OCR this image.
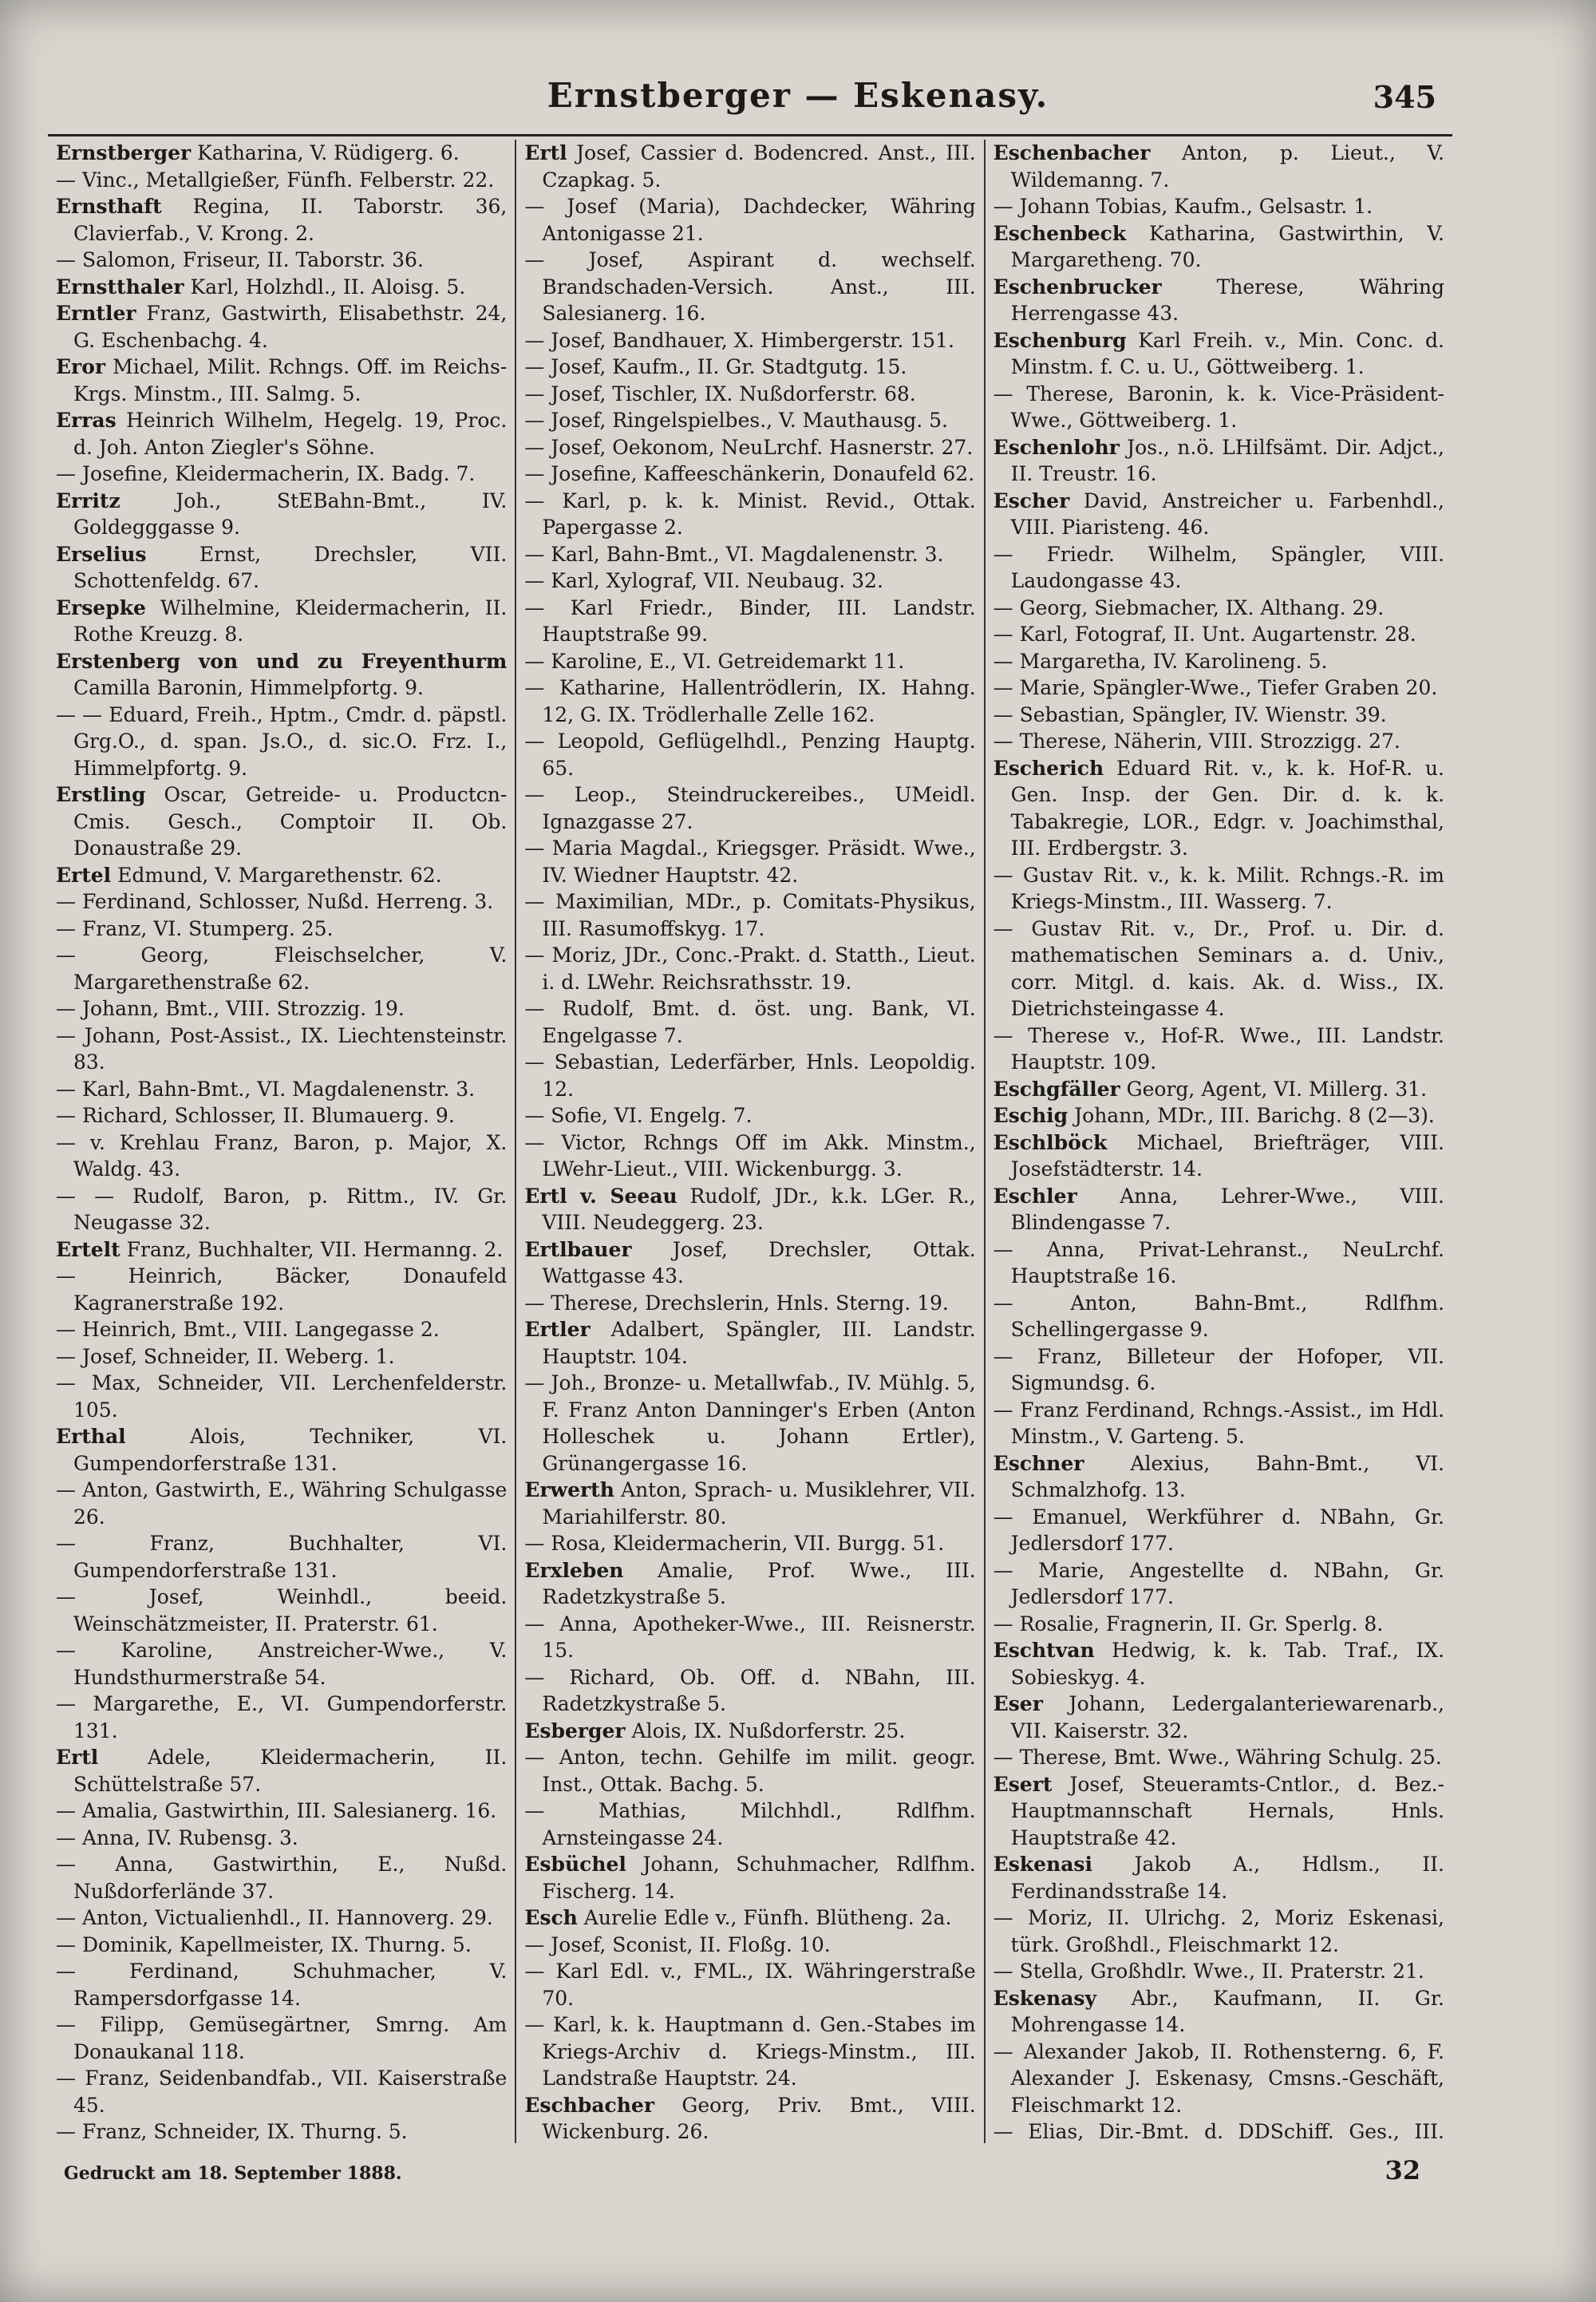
Ernstberger — Eskenasy.	345
Ernstberger Katharina, V. Rüdigerg. 6.
— Vinc., Metallgießer, Fünfh. Felberstr. 22.
Ernsthaft Regina, II. Taborstr. 36, Clavierfab., V. Krong. 2.
— Salomon, Friseur, II. Taborstr. 36.
Ernstthaler Karl, Holzhdl., II. Aloisg. 5.
Erntler Franz, Gastwirth, Elisabethstr. 24, G. Eschenbachg. 4.
Eror Michael, Milit. Rchngs. Off. im Reichs-Krgs. Minstm., III. Salmg. 5.
Erras Heinrich Wilhelm, Hegelg. 19, Proc. d. Joh. Anton Ziegler's Söhne.
— Josefine, Kleidermacherin, IX. Badg. 7.
Erritz Joh., StEBahn-Bmt., IV. Goldegggasse 9.
Erselius Ernst, Drechsler, VII. Schottenfeldg. 67.
Ersepke Wilhelmine, Kleidermacherin, II. Rothe Kreuzg. 8.
Erstenberg von und zu Freyenthurm Camilla Baronin, Himmelpfortg. 9.
— — Eduard, Freih., Hptm., Cmdr. d. päpstl. Grg.O., d. span. Js.O., d. sic.O. Frz. I., Himmelpfortg. 9.
Erstling Oscar, Getreide- u. Productcn-Cmis. Gesch., Comptoir II. Ob. Donaustraße 29.
Ertel Edmund, V. Margarethenstr. 62.
— Ferdinand, Schlosser, Nußd. Herreng. 3.
— Franz, VI. Stumperg. 25.
— Georg, Fleischselcher, V. Margarethenstraße 62.
— Johann, Bmt., VIII. Strozzig. 19.
— Johann, Post-Assist., IX. Liechtensteinstr. 83.
— Karl, Bahn-Bmt., VI. Magdalenenstr. 3.
— Richard, Schlosser, II. Blumauerg. 9.
— v. Krehlau Franz, Baron, p. Major, X. Waldg. 43.
— — Rudolf, Baron, p. Rittm., IV. Gr. Neugasse 32.
Ertelt Franz, Buchhalter, VII. Hermanng. 2.
— Heinrich, Bäcker, Donaufeld Kagranerstraße 192.
— Heinrich, Bmt., VIII. Langegasse 2.
— Josef, Schneider, II. Weberg. 1.
— Max, Schneider, VII. Lerchenfelderstr. 105.
Erthal Alois, Techniker, VI. Gumpendorferstraße 131.
— Anton, Gastwirth, E., Währing Schulgasse 26.
— Franz, Buchhalter, VI. Gumpendorferstraße 131.
— Josef, Weinhdl., beeid. Weinschätzmeister, II. Praterstr. 61.
— Karoline, Anstreicher-Wwe., V. Hundsthurmerstraße 54.
— Margarethe, E., VI. Gumpendorferstr. 131.
Ertl Adele, Kleidermacherin, II. Schüttelstraße 57.
— Amalia, Gastwirthin, III. Salesianerg. 16.
— Anna, IV. Rubensg. 3.
— Anna, Gastwirthin, E., Nußd. Nußdorferlände 37.
— Anton, Victualienhdl., II. Hannoverg. 29.
— Dominik, Kapellmeister, IX. Thurng. 5.
— Ferdinand, Schuhmacher, V. Rampersdorfgasse 14.
— Filipp, Gemüsegärtner, Smrng. Am Donaukanal 118.
— Franz, Seidenbandfab., VII. Kaiserstraße 45.
— Franz, Schneider, IX. Thurng. 5.
Ertl Josef, Cassier d. Bodencred. Anst., III. Czapkag. 5.
— Josef (Maria), Dachdecker, Währing Antonigasse 21.
— Josef, Aspirant d. wechself. Brandschaden-Versich. Anst., III. Salesianerg. 16.
— Josef, Bandhauer, X. Himbergerstr. 151.
— Josef, Kaufm., II. Gr. Stadtgutg. 15.
— Josef, Tischler, IX. Nußdorferstr. 68.
— Josef, Ringelspielbes., V. Mauthausg. 5.
— Josef, Oekonom, NeuLrchf. Hasnerstr. 27.
— Josefine, Kaffeeschänkerin, Donaufeld 62.
— Karl, p. k. k. Minist. Revid., Ottak. Papergasse 2.
— Karl, Bahn-Bmt., VI. Magdalenenstr. 3.
— Karl, Xylograf, VII. Neubaug. 32.
— Karl Friedr., Binder, III. Landstr. Hauptstraße 99.
— Karoline, E., VI. Getreidemarkt 11.
— Katharine, Hallentrödlerin, IX. Hahng. 12, G. IX. Trödlerhalle Zelle 162.
— Leopold, Geflügelhdl., Penzing Hauptg. 65.
— Leop., Steindruckereibes., UMeidl. Ignazgasse 27.
— Maria Magdal., Kriegsger. Präsidt. Wwe., IV. Wiedner Hauptstr. 42.
— Maximilian, MDr., p. Comitats-Physikus, III. Rasumoffskyg. 17.
— Moriz, JDr., Conc.-Prakt. d. Statth., Lieut. i. d. LWehr. Reichsrathsstr. 19.
— Rudolf, Bmt. d. öst. ung. Bank, VI. Engelgasse 7.
— Sebastian, Lederfärber, Hnls. Leopoldig. 12.
— Sofie, VI. Engelg. 7.
— Victor, Rchngs Off im Akk. Minstm., LWehr-Lieut., VIII. Wickenburgg. 3.
Ertl v. Seeau Rudolf, JDr., k.k. LGer. R., VIII. Neudeggerg. 23.
Ertlbauer Josef, Drechsler, Ottak. Wattgasse 43.
— Therese, Drechslerin, Hnls. Sterng. 19.
Ertler Adalbert, Spängler, III. Landstr. Hauptstr. 104.
— Joh., Bronze- u. Metallwfab., IV. Mühlg. 5, F. Franz Anton Danninger's Erben (Anton Holleschek u. Johann Ertler), Grünangergasse 16.
Erwerth Anton, Sprach- u. Musiklehrer, VII. Mariahilferstr. 80.
— Rosa, Kleidermacherin, VII. Burgg. 51.
Erxleben Amalie, Prof. Wwe., III. Radetzkystraße 5.
— Anna, Apotheker-Wwe., III. Reisnerstr. 15.
— Richard, Ob. Off. d. NBahn, III. Radetzkystraße 5.
Esberger Alois, IX. Nußdorferstr. 25.
— Anton, techn. Gehilfe im milit. geogr. Inst., Ottak. Bachg. 5.
— Mathias, Milchhdl., Rdlfhm. Arnsteingasse 24.
Esbüchel Johann, Schuhmacher, Rdlfhm. Fischerg. 14.
Esch Aurelie Edle v., Fünfh. Blütheng. 2a.
— Josef, Sconist, II. Floßg. 10.
— Karl Edl. v., FML., IX. Währingerstraße 70.
— Karl, k. k. Hauptmann d. Gen.-Stabes im Kriegs-Archiv d. Kriegs-Minstm., III. Landstraße Hauptstr. 24.
Eschbacher Georg, Priv. Bmt., VIII. Wickenburg. 26.
Eschenbacher Anton, p. Lieut., V. Wildemanng. 7.
— Johann Tobias, Kaufm., Gelsastr. 1.
Eschenbeck Katharina, Gastwirthin, V. Margaretheng. 70.
Eschenbrucker Therese, Währing Herrengasse 43.
Eschenburg Karl Freih. v., Min. Conc. d. Minstm. f. C. u. U., Göttweiberg. 1.
— Therese, Baronin, k. k. Vice-Präsident-Wwe., Göttweiberg. 1.
Eschenlohr Jos., n.ö. LHilfsämt. Dir. Adjct., II. Treustr. 16.
Escher David, Anstreicher u. Farbenhdl., VIII. Piaristeng. 46.
— Friedr. Wilhelm, Spängler, VIII. Laudongasse 43.
— Georg, Siebmacher, IX. Althang. 29.
— Karl, Fotograf, II. Unt. Augartenstr. 28.
— Margaretha, IV. Karolineng. 5.
— Marie, Spängler-Wwe., Tiefer Graben 20.
— Sebastian, Spängler, IV. Wienstr. 39.
— Therese, Näherin, VIII. Strozzigg. 27.
Escherich Eduard Rit. v., k. k. Hof-R. u. Gen. Insp. der Gen. Dir. d. k. k. Tabakregie, LOR., Edgr. v. Joachimsthal, III. Erdbergstr. 3.
— Gustav Rit. v., k. k. Milit. Rchngs.-R. im Kriegs-Minstm., III. Wasserg. 7.
— Gustav Rit. v., Dr., Prof. u. Dir. d. mathematischen Seminars a. d. Univ., corr. Mitgl. d. kais. Ak. d. Wiss., IX. Dietrichsteingasse 4.
— Therese v., Hof-R. Wwe., III. Landstr. Hauptstr. 109.
Eschgfäller Georg, Agent, VI. Millerg. 31.
Eschig Johann, MDr., III. Barichg. 8 (2—3).
Eschlböck Michael, Briefträger, VIII. Josefstädterstr. 14.
Eschler Anna, Lehrer-Wwe., VIII. Blindengasse 7.
— Anna, Privat-Lehranst., NeuLrchf. Hauptstraße 16.
— Anton, Bahn-Bmt., Rdlfhm. Schellingergasse 9.
— Franz, Billeteur der Hofoper, VII. Sigmundsg. 6.
— Franz Ferdinand, Rchngs.-Assist., im Hdl. Minstm., V. Garteng. 5.
Eschner Alexius, Bahn-Bmt., VI. Schmalzhofg. 13.
— Emanuel, Werkführer d. NBahn, Gr. Jedlersdorf 177.
— Marie, Angestellte d. NBahn, Gr. Jedlersdorf 177.
— Rosalie, Fragnerin, II. Gr. Sperlg. 8.
Eschtvan Hedwig, k. k. Tab. Traf., IX. Sobieskyg. 4.
Eser Johann, Ledergalanteriewarenarb., VII. Kaiserstr. 32.
— Therese, Bmt. Wwe., Währing Schulg. 25.
Esert Josef, Steueramts-Cntlor., d. Bez.-Hauptmannschaft Hernals, Hnls. Hauptstraße 42.
Eskenasi Jakob A., Hdlsm., II. Ferdinandsstraße 14.
— Moriz, II. Ulrichg. 2, Moriz Eskenasi, türk. Großhdl., Fleischmarkt 12.
— Stella, Großhdlr. Wwe., II. Praterstr. 21.
Eskenasy Abr., Kaufmann, II. Gr. Mohrengasse 14.
— Alexander Jakob, II. Rothensterng. 6, F. Alexander J. Eskenasy, Cmsns.-Geschäft, Fleischmarkt 12.
— Elias, Dir.-Bmt. d. DDSchiff. Ges., III.
Gedruckt am 18. September 1888.	32
